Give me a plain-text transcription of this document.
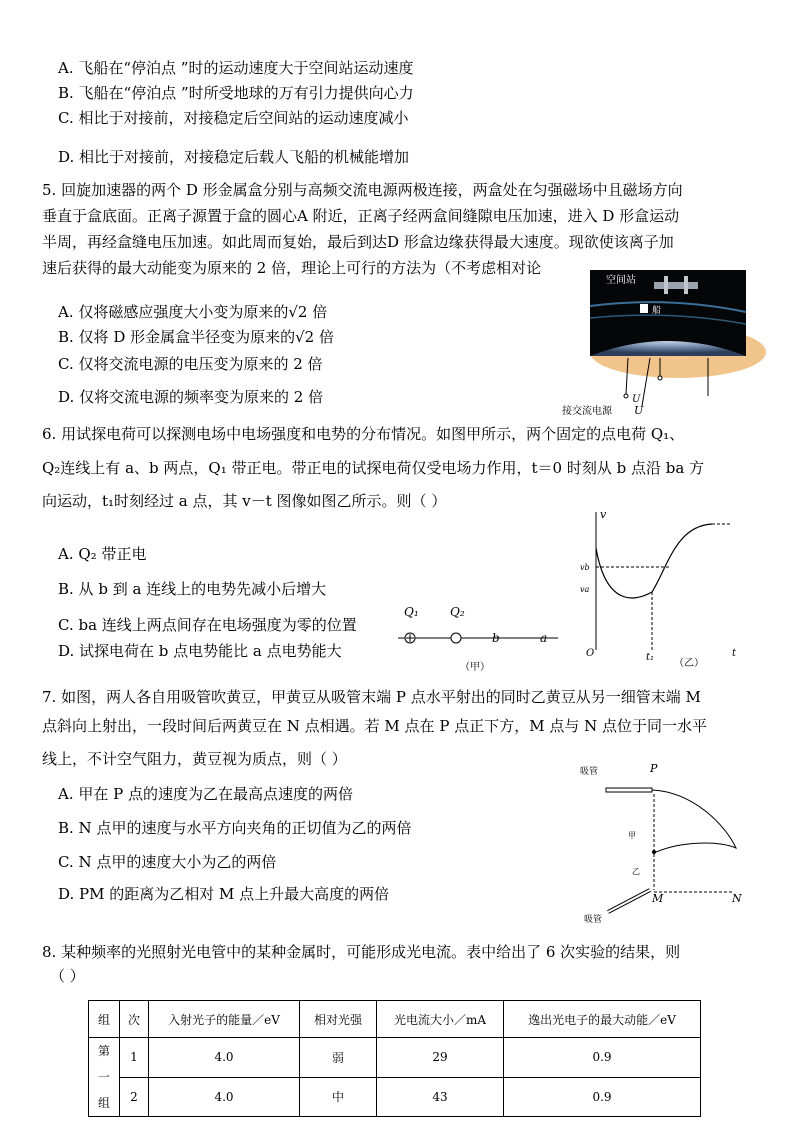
A. 飞船在“停泊点 ”时的运动速度大于空间站运动速度
B. 飞船在“停泊点 ”时所受地球的万有引力提供向心力
C. 相比于对接前，对接稳定后空间站的运动速度减小
D. 相比于对接前，对接稳定后载人飞船的机械能增加
5. 回旋加速器的两个 D 形金属盒分别与高频交流电源两极连接，两盒处在匀强磁场中且磁场方向
垂直于盒底面。正离子源置于盒的圆心A 附近，正离子经两盒间缝隙电压加速，进入 D 形盒运动
半周，再经盒缝电压加速。如此周而复始，最后到达D 形盒边缘获得最大速度。现欲使该离子加
速后获得的最大动能变为原来的 2 倍，理论上可行的方法为（不考虑相对论
A. 仅将磁感应强度大小变为原来的√2 倍
B. 仅将 D 形金属盒半径变为原来的√2 倍
C. 仅将交流电源的电压变为原来的 2 倍
D. 仅将交流电源的频率变为原来的 2 倍
空间站
船
U
U
接交流电源
6. 用试探电荷可以探测电场中电场强度和电势的分布情况。如图甲所示，两个固定的点电荷 Q₁、
Q₂连线上有 a、b 两点，Q₁ 带正电。带正电的试探电荷仅受电场力作用，t＝0 时刻从 b 点沿 ba 方
向运动，t₁时刻经过 a 点，其 v－t 图像如图乙所示。则（ ）
A. Q₂ 带正电
B. 从 b 到 a 连线上的电势先减小后增大
C. ba 连线上两点间存在电场强度为零的位置
D. 试探电荷在 b 点电势能比 a 点电势能大
Q₁	Q₂
b	a
（甲）
v
vb
va
O	t₁	t
（乙）
7. 如图，两人各自用吸管吹黄豆，甲黄豆从吸管末端 P 点水平射出的同时乙黄豆从另一细管末端 M
点斜向上射出，一段时间后两黄豆在 N 点相遇。若 M 点在 P 点正下方，M 点与 N 点位于同一水平
线上，不计空气阻力，黄豆视为质点，则（ ）
A. 甲在 P 点的速度为乙在最高点速度的两倍
B. N 点甲的速度与水平方向夹角的正切值为乙的两倍
C. N 点甲的速度大小为乙的两倍
D. PM 的距离为乙相对 M 点上升最大高度的两倍
吸管	P
甲
乙
M	N
吸管
8. 某种频率的光照射光电管中的某种金属时，可能形成光电流。表中给出了 6 次实验的结果，则
（ ）
组	次	入射光子的能量／eV	相对光强	光电流大小／mA	逸出光电子的最大动能／eV
第一组	1	4.0	弱	29	0.9
	2	4.0	中	43	0.9
